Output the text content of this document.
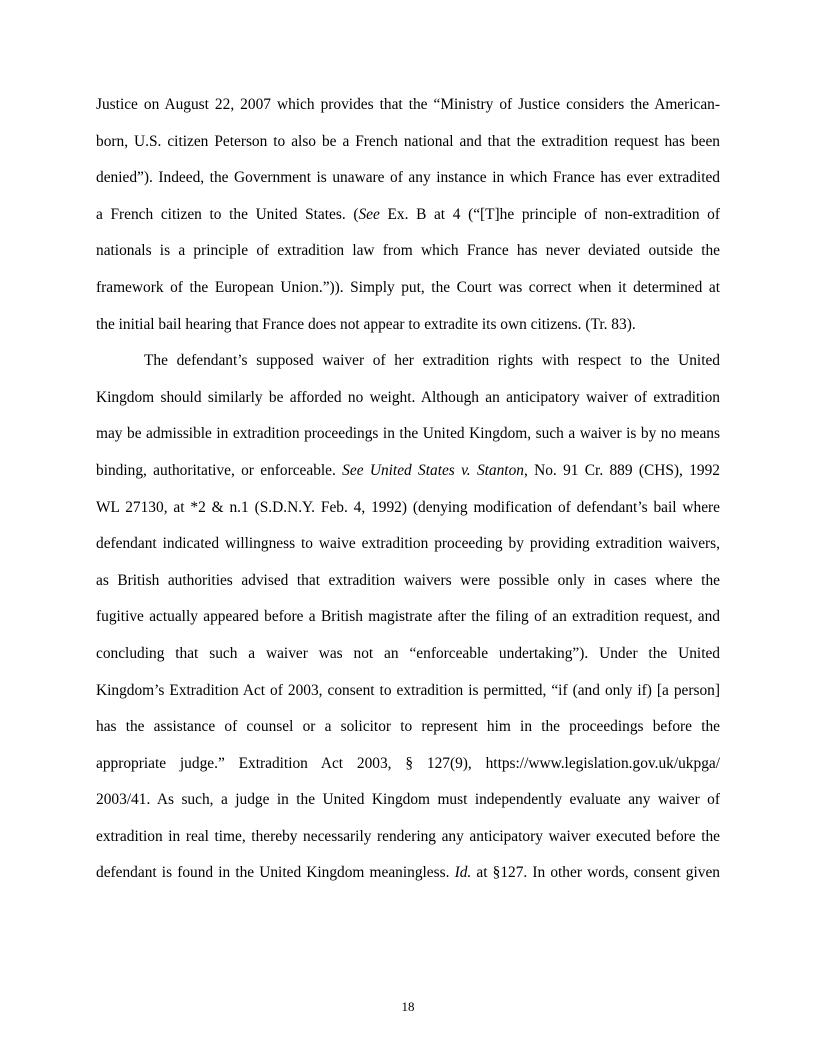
Justice on August 22, 2007 which provides that the “Ministry of Justice considers the American-
born, U.S. citizen Peterson to also be a French national and that the extradition request has been
denied”). Indeed, the Government is unaware of any instance in which France has ever extradited
a French citizen to the United States. (See Ex. B at 4 (“[T]he principle of non-extradition of
nationals is a principle of extradition law from which France has never deviated outside the
framework of the European Union.”)). Simply put, the Court was correct when it determined at
the initial bail hearing that France does not appear to extradite its own citizens. (Tr. 83).

The defendant’s supposed waiver of her extradition rights with respect to the United
Kingdom should similarly be afforded no weight. Although an anticipatory waiver of extradition
may be admissible in extradition proceedings in the United Kingdom, such a waiver is by no means
binding, authoritative, or enforceable. See United States v. Stanton, No. 91 Cr. 889 (CHS), 1992
WL 27130, at *2 & n.1 (S.D.N.Y. Feb. 4, 1992) (denying modification of defendant’s bail where
defendant indicated willingness to waive extradition proceeding by providing extradition waivers,
as British authorities advised that extradition waivers were possible only in cases where the
fugitive actually appeared before a British magistrate after the filing of an extradition request, and
concluding that such a waiver was not an “enforceable undertaking”). Under the United
Kingdom’s Extradition Act of 2003, consent to extradition is permitted, “if (and only if) [a person]
has the assistance of counsel or a solicitor to represent him in the proceedings before the
appropriate judge.” Extradition Act 2003, § 127(9), https://www.legislation.gov.uk/ukpga/
2003/41. As such, a judge in the United Kingdom must independently evaluate any waiver of
extradition in real time, thereby necessarily rendering any anticipatory waiver executed before the
defendant is found in the United Kingdom meaningless. Id. at §127. In other words, consent given

18
